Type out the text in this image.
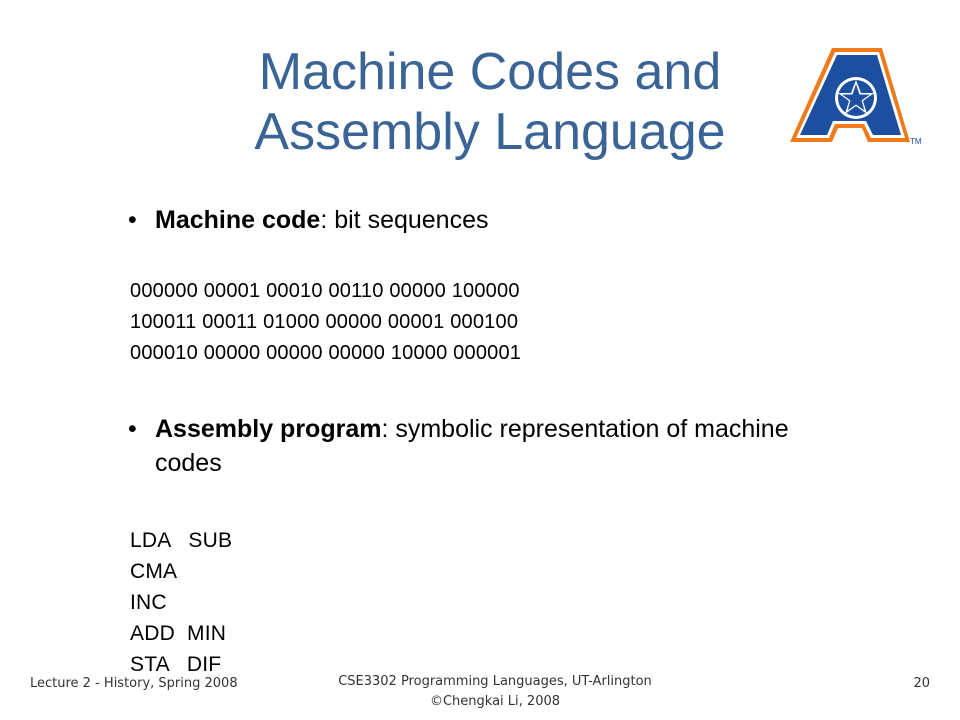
Machine Codes and
Assembly Language	TM
• Machine code: bit sequences
000000 00001 00010 00110 00000 100000
100011 00011 01000 00000 00001 000100
000010 00000 00000 00000 10000 000001
• Assembly program: symbolic representation of machine codes
LDA   SUB
CMA
INC
ADD  MIN
STA   DIF
Lecture 2 - History, Spring 2008	CSE3302 Programming Languages, UT-Arlington
©Chengkai Li, 2008
20
